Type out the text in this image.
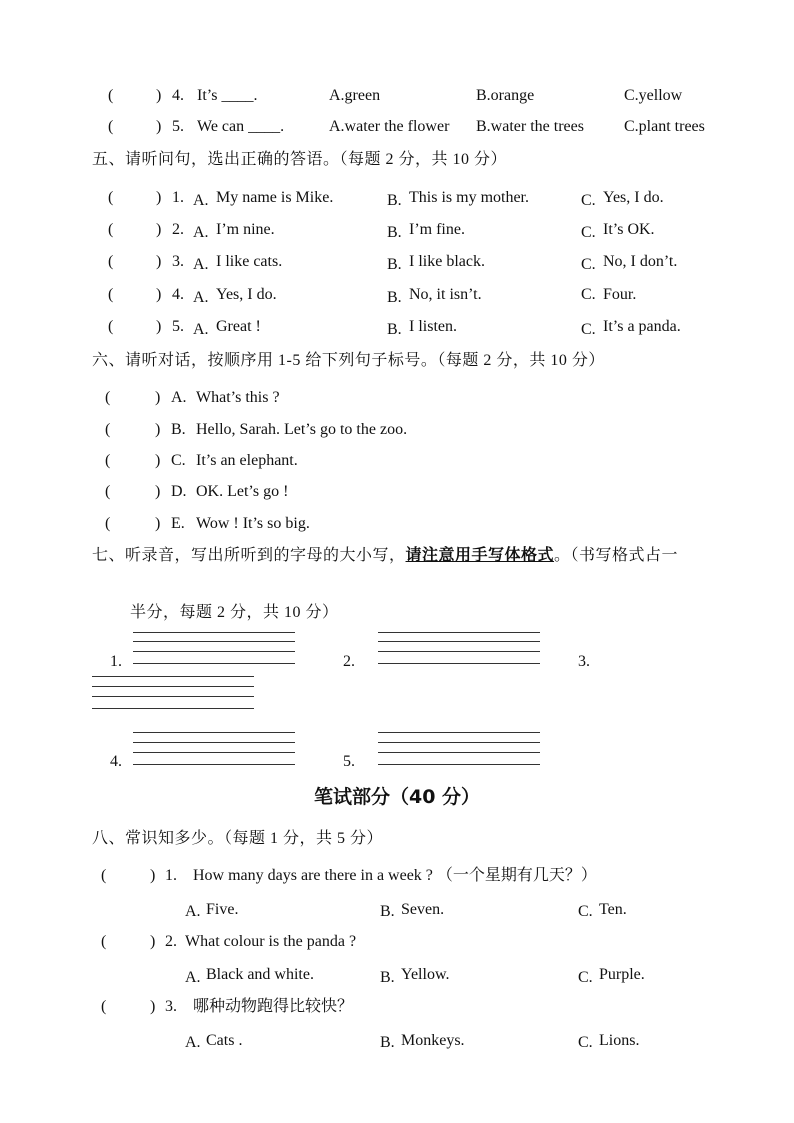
(	) 4. It’s ____.	A.green	B.orange	C.yellow
(	) 5. We can ____.	A.water the flower B.water the trees	C.plant trees
五、请听问句，选出正确的答语。（每题 2 分，共 10 分）
(	) 1. A. My name is Mike.	B. This is my mother.	C. Yes, I do.
(	) 2. A. I’m nine.	B. I’m fine.	C. It’s OK.
(	) 3. A. I like cats.	B. I like black.	C. No, I don’t.
(	) 4. A. Yes, I do.	B. No, it isn’t.	C. Four.
(	) 5. A. Great !	B. I listen.	C. It’s a panda.
六、请听对话，按顺序用 1-5 给下列句子标号。（每题 2 分，共 10 分）
(	) A. What’s this ?
(	) B. Hello, Sarah. Let’s go to the zoo.
(	) C. It’s an elephant.
(	) D. OK. Let’s go !
(	) E. Wow ! It’s so big.
七、听录音，写出所听到的字母的大小写，请注意用手写体格式。（书写格式占一
半分，每题 2 分，共 10 分）
1.	2.	3.
4.	5.
笔试部分（40 分）
八、常识知多少。（每题 1 分，共 5 分）
(	) 1. How many days are there in a week ? （一个星期有几天？）
A. Five.	B. Seven.	C. Ten.
(	) 2. What colour is the panda ?
A. Black and white.	B. Yellow.	C. Purple.
(	) 3. 哪种动物跑得比较快？
A. Cats .	B. Monkeys.	C. Lions.
